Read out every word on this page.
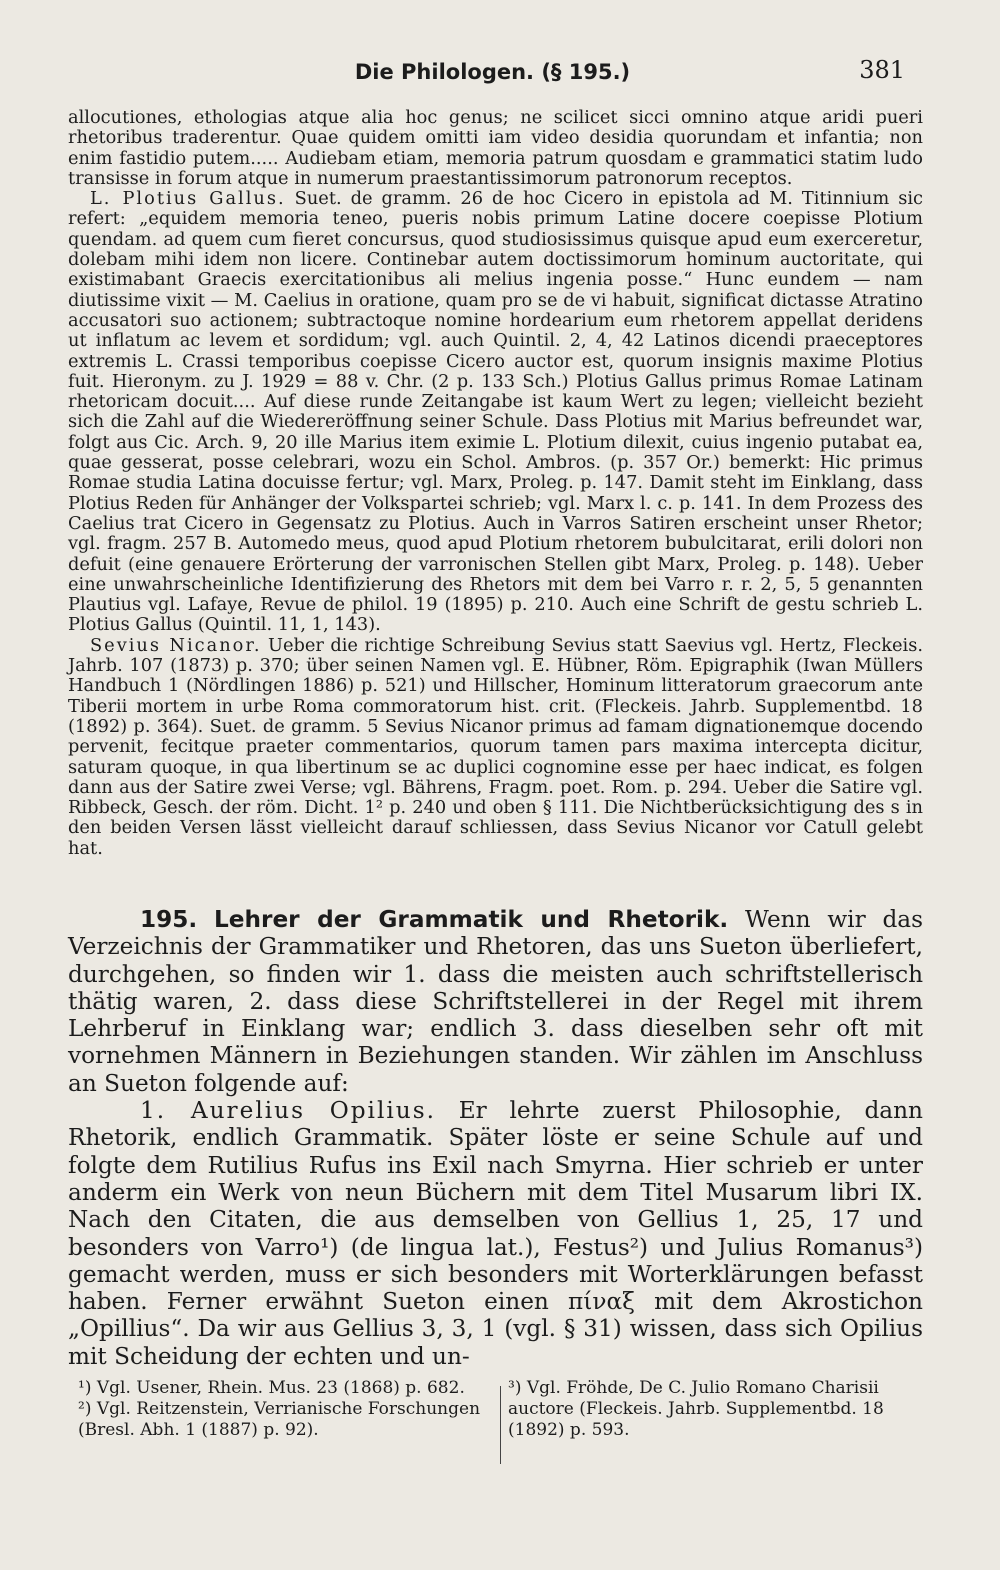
Die Philologen. (§ 195.)	381

allocutiones, ethologias atque alia hoc genus; ne scilicet sicci omnino atque aridi pueri rhetoribus traderentur. Quae quidem omitti iam video desidia quorundam et infantia; non enim fastidio putem..... Audiebam etiam, memoria patrum quosdam e grammatici statim ludo transisse in forum atque in numerum praestantissimorum patronorum receptos.

L. Plotius Gallus. Suet. de gramm. 26 de hoc Cicero in epistola ad M. Titinnium sic refert: „equidem memoria teneo, pueris nobis primum Latine docere coepisse Plotium quendam. ad quem cum fieret concursus, quod studiosissimus quisque apud eum exerceretur, dolebam mihi idem non licere. Continebar autem doctissimorum hominum auctoritate, qui existimabant Graecis exercitationibus ali melius ingenia posse.“ Hunc eundem — nam diutissime vixit — M. Caelius in oratione, quam pro se de vi habuit, significat dictasse Atratino accusatori suo actionem; subtractoque nomine hordearium eum rhetorem appellat deridens ut inflatum ac levem et sordidum; vgl. auch Quintil. 2, 4, 42 Latinos dicendi praeceptores extremis L. Crassi temporibus coepisse Cicero auctor est, quorum insignis maxime Plotius fuit. Hieronym. zu J. 1929 = 88 v. Chr. (2 p. 133 Sch.) Plotius Gallus primus Romae Latinam rhetoricam docuit.... Auf diese runde Zeitangabe ist kaum Wert zu legen; vielleicht bezieht sich die Zahl auf die Wiedereröffnung seiner Schule. Dass Plotius mit Marius befreundet war, folgt aus Cic. Arch. 9, 20 ille Marius item eximie L. Plotium dilexit, cuius ingenio putabat ea, quae gesserat, posse celebrari, wozu ein Schol. Ambros. (p. 357 Or.) bemerkt: Hic primus Romae studia Latina docuisse fertur; vgl. Marx, Proleg. p. 147. Damit steht im Einklang, dass Plotius Reden für Anhänger der Volkspartei schrieb; vgl. Marx l. c. p. 141. In dem Prozess des Caelius trat Cicero in Gegensatz zu Plotius. Auch in Varros Satiren erscheint unser Rhetor; vgl. fragm. 257 B. Automedo meus, quod apud Plotium rhetorem bubulcitarat, erili dolori non defuit (eine genauere Erörterung der varronischen Stellen gibt Marx, Proleg. p. 148). Ueber eine unwahrscheinliche Identifizierung des Rhetors mit dem bei Varro r. r. 2, 5, 5 genannten Plautius vgl. Lafaye, Revue de philol. 19 (1895) p. 210. Auch eine Schrift de gestu schrieb L. Plotius Gallus (Quintil. 11, 1, 143).

Sevius Nicanor. Ueber die richtige Schreibung Sevius statt Saevius vgl. Hertz, Fleckeis. Jahrb. 107 (1873) p. 370; über seinen Namen vgl. E. Hübner, Röm. Epigraphik (Iwan Müllers Handbuch 1 (Nördlingen 1886) p. 521) und Hillscher, Hominum litteratorum graecorum ante Tiberii mortem in urbe Roma commoratorum hist. crit. (Fleckeis. Jahrb. Supplementbd. 18 (1892) p. 364). Suet. de gramm. 5 Sevius Nicanor primus ad famam dignationemque docendo pervenit, fecitque praeter commentarios, quorum tamen pars maxima intercepta dicitur, saturam quoque, in qua libertinum se ac duplici cognomine esse per haec indicat, es folgen dann aus der Satire zwei Verse; vgl. Bährens, Fragm. poet. Rom. p. 294. Ueber die Satire vgl. Ribbeck, Gesch. der röm. Dicht. 1² p. 240 und oben § 111. Die Nichtberücksichtigung des s in den beiden Versen lässt vielleicht darauf schliessen, dass Sevius Nicanor vor Catull gelebt hat.

195. Lehrer der Grammatik und Rhetorik. Wenn wir das Verzeichnis der Grammatiker und Rhetoren, das uns Sueton überliefert, durchgehen, so finden wir 1. dass die meisten auch schriftstellerisch thätig waren, 2. dass diese Schriftstellerei in der Regel mit ihrem Lehrberuf in Einklang war; endlich 3. dass dieselben sehr oft mit vornehmen Männern in Beziehungen standen. Wir zählen im Anschluss an Sueton folgende auf:

1. Aurelius Opilius. Er lehrte zuerst Philosophie, dann Rhetorik, endlich Grammatik. Später löste er seine Schule auf und folgte dem Rutilius Rufus ins Exil nach Smyrna. Hier schrieb er unter anderm ein Werk von neun Büchern mit dem Titel Musarum libri IX. Nach den Citaten, die aus demselben von Gellius 1, 25, 17 und besonders von Varro¹) (de lingua lat.), Festus²) und Julius Romanus³) gemacht werden, muss er sich besonders mit Worterklärungen befasst haben. Ferner erwähnt Sueton einen πίναξ mit dem Akrostichon „Opillius“. Da wir aus Gellius 3, 3, 1 (vgl. § 31) wissen, dass sich Opilius mit Scheidung der echten und un-

¹) Vgl. Usener, Rhein. Mus. 23 (1868) p. 682.

²) Vgl. Reitzenstein, Verrianische Forschungen (Bresl. Abh. 1 (1887) p. 92).

³) Vgl. Fröhde, De C. Julio Romano Charisii auctore (Fleckeis. Jahrb. Supplementbd. 18 (1892) p. 593.
